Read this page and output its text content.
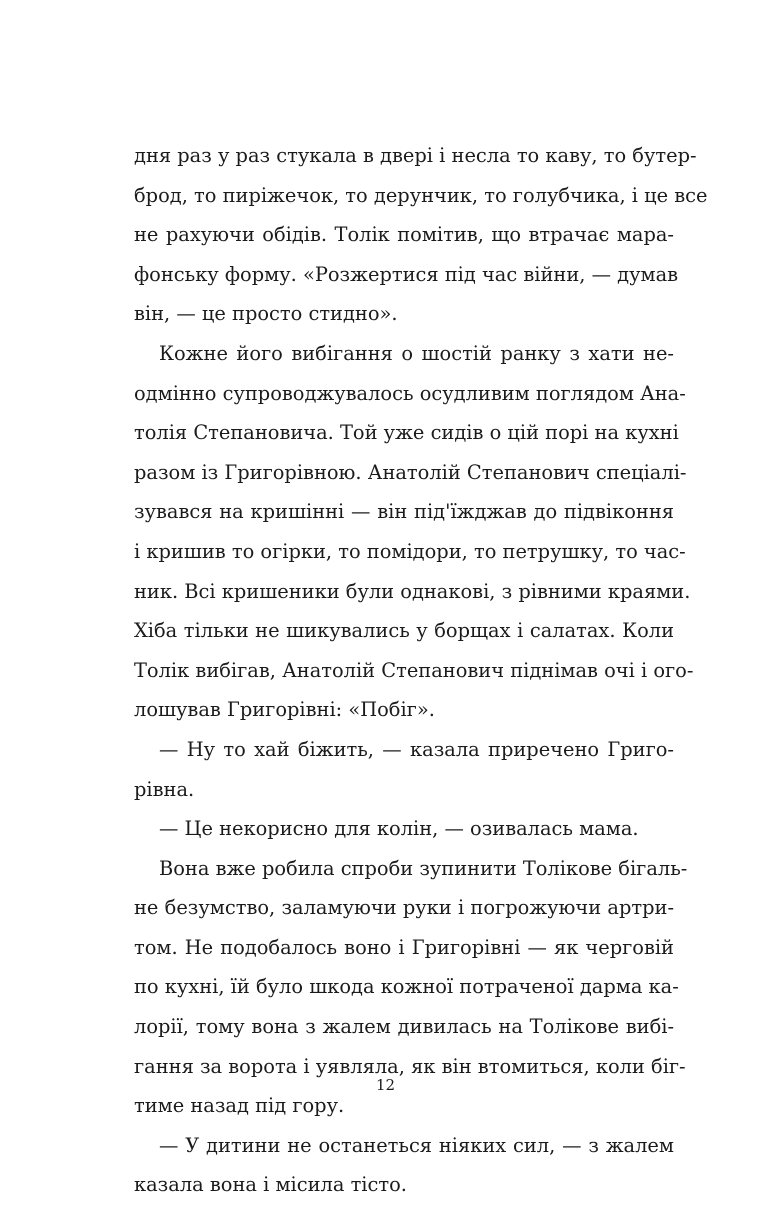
дня раз у раз стукала в двері і несла то каву, то бутер-
брод, то пиріжечок, то дерунчик, то голубчика, і це все
не рахуючи обідів. Толік помітив, що втрачає мара-
фонську форму. «Розжертися під час війни, — думав
він, — це просто стидно».
Кожне його вибігання о шостій ранку з хати не-
одмінно супроводжувалось осудливим поглядом Ана-
толія Степановича. Той уже сидів о цій порі на кухні
разом із Григорівною. Анатолій Степанович спеціалі-
зувався на кришінні — він під'їжджав до підвіконня
і кришив то огірки, то помідори, то петрушку, то час-
ник. Всі кришеники були однакові, з рівними краями.
Хіба тільки не шикувались у борщах і салатах. Коли
Толік вибігав, Анатолій Степанович піднімав очі і ого-
лошував Григорівні: «Побіг».
— Ну то хай біжить, — казала приречено Григо-
рівна.
— Це некорисно для колін, — озивалась мама.
Вона вже робила спроби зупинити Толікове бігаль-
не безумство, заламуючи руки і погрожуючи артри-
том. Не подобалось воно і Григорівні — як черговій
по кухні, їй було шкода кожної потраченої дарма ка-
лорії, тому вона з жалем дивилась на Толікове вибі-
гання за ворота і уявляла, як він втомиться, коли біг-
тиме назад під гору.
— У дитини не останеться ніяких сил, — з жалем
казала вона і місила тісто.
12
